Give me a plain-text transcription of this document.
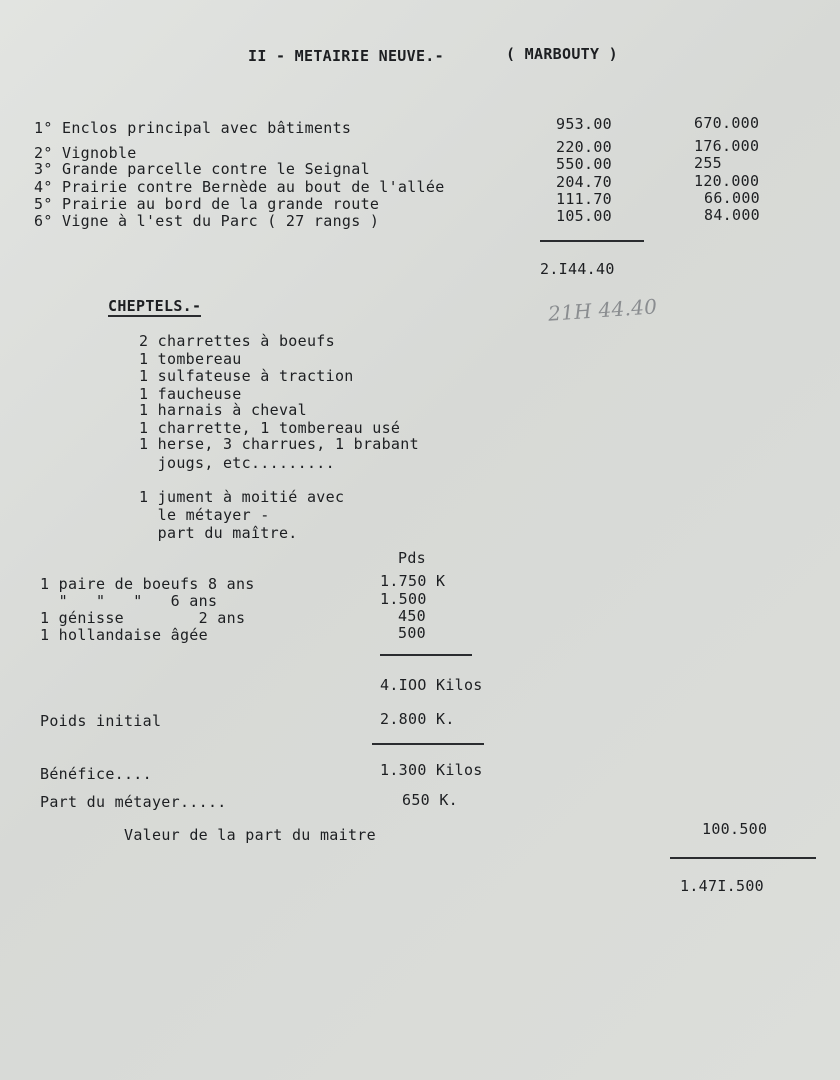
II - METAIRIE NEUVE.-	( MARBOUTY )
1° Enclos principal avec bâtiments	953.00	670.000
2° Vignoble	220.00	176.000
3° Grande parcelle contre le Seignal	550.00	255
4° Prairie contre Bernède au bout de l'allée	204.70	120.000
5° Prairie au bord de la grande route	111.70	66.000
6° Vigne à l'est du Parc ( 27 rangs )	105.00	84.000
2.I44.40
21H 44.40
CHEPTELS.-
2 charrettes à boeufs
1 tombereau
1 sulfateuse à traction
1 faucheuse
1 harnais à cheval
1 charrette, 1 tombereau usé
1 herse, 3 charrues, 1 brabant
jougs, etc.........
1 jument à moitié avec
le métayer -
part du maître.
Pds
1 paire de boeufs 8 ans	1.750 K
"   "   "   6 ans	1.500
1 génisse        2 ans	450
1 hollandaise âgée	500
4.IOO Kilos
Poids initial	2.800 K.
Bénéfice....	1.300 Kilos
Part du métayer.....	650 K.
Valeur de la part du maitre	100.500
1.47I.500
